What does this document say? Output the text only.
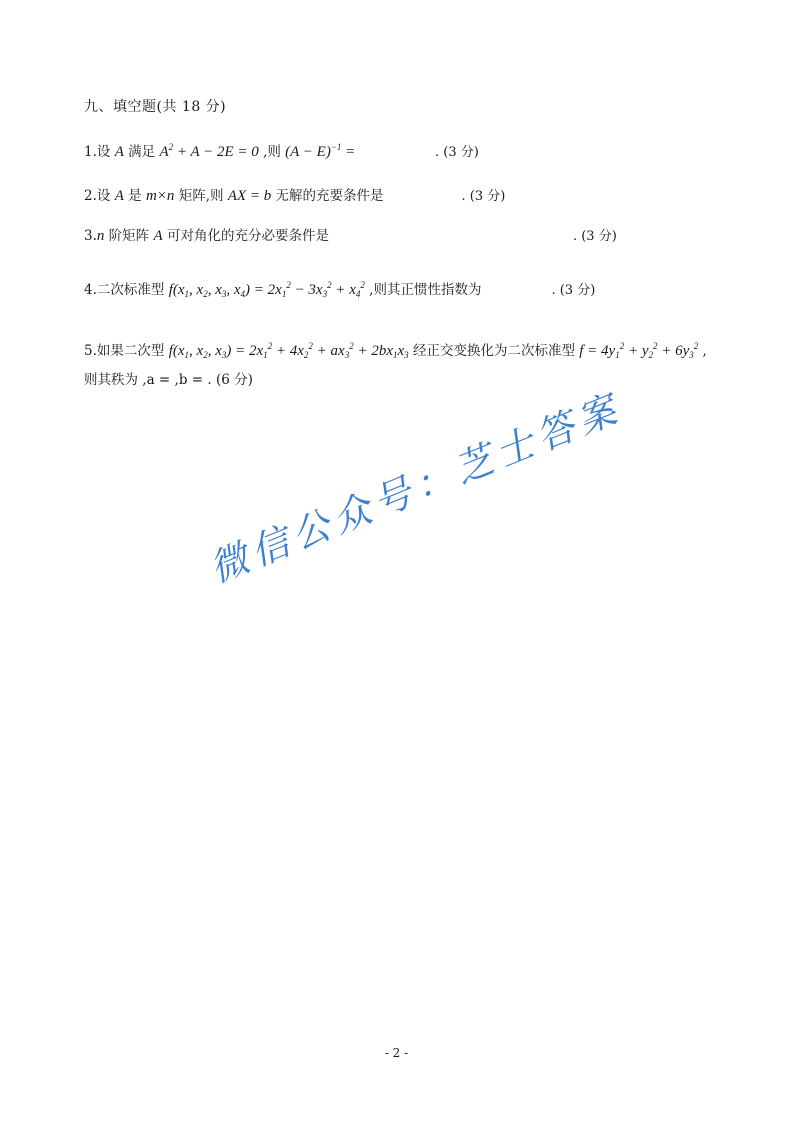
九、填空题(共 18 分)
1.设 A 满足 $A^2 + A - 2E = 0$ ,则 $(A - E)^{-1}$ =	. (3 分)
2.设 A 是 m×n 矩阵,则 AX = b 无解的充要条件是	. (3 分)
3.n 阶矩阵 A 可对角化的充分必要条件是	. (3 分)
4.二次标准型 $f(x_1$, $x_2$, $x_3$, $x_4) = 2x_1^2 - 3x_3^2 + x_4^2$ ,则其正惯性指数为	. (3 分)
5.如果二次型 $f(x_1$, $x_2$, $x_3) = 2x_1^2 + 4x_2^2 + ax_3^2 + 2bx_1x_3$ 经正交变换化为二次标准型 $f = 4y_1^2 + y_2^2 + 6y_3^2$ ,
则其秩为 ,a = ,b = . (6 分)
微信公众号：芝士答案
- 2 -
